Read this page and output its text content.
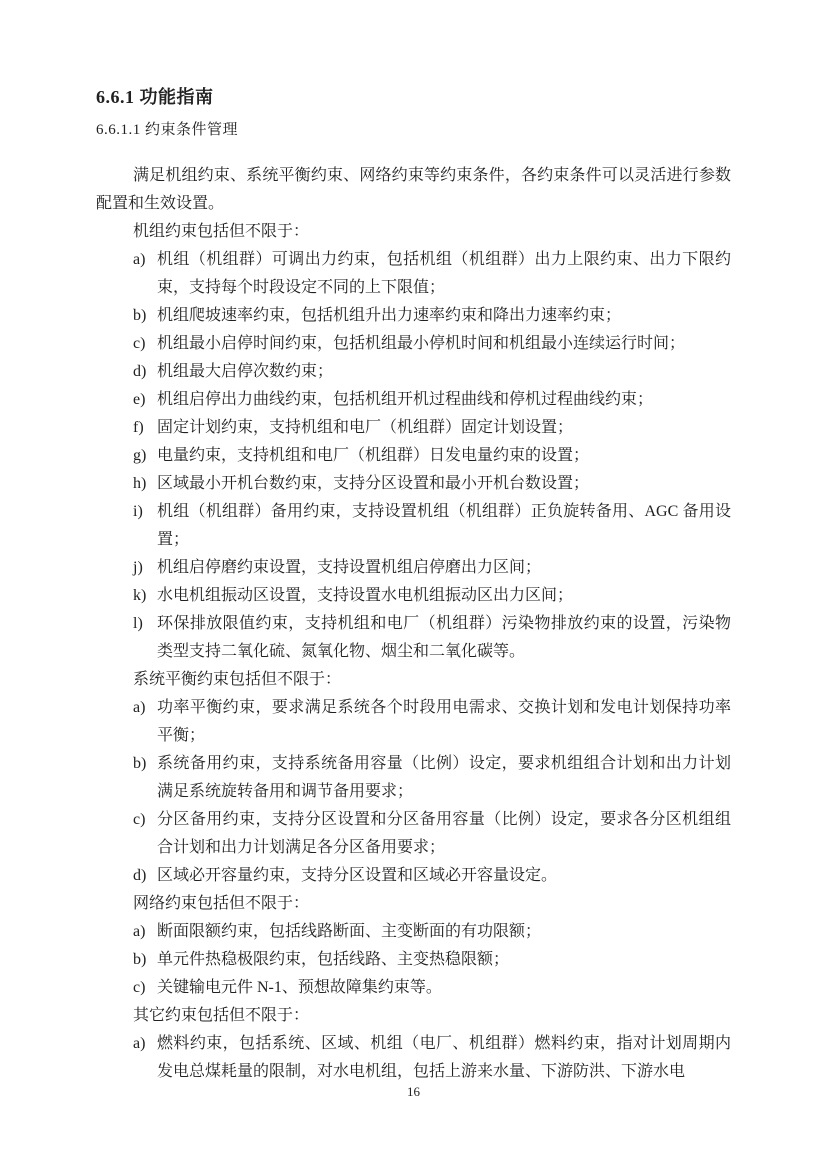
6.6.1 功能指南

6.6.1.1 约束条件管理

满足机组约束、系统平衡约束、网络约束等约束条件，各约束条件可以灵活进行参数配置和生效设置。

机组约束包括但不限于：

a) 机组（机组群）可调出力约束，包括机组（机组群）出力上限约束、出力下限约束，支持每个时段设定不同的上下限值；
b) 机组爬坡速率约束，包括机组升出力速率约束和降出力速率约束；
c) 机组最小启停时间约束，包括机组最小停机时间和机组最小连续运行时间；
d) 机组最大启停次数约束；
e) 机组启停出力曲线约束，包括机组开机过程曲线和停机过程曲线约束；
f) 固定计划约束，支持机组和电厂（机组群）固定计划设置；
g) 电量约束，支持机组和电厂（机组群）日发电量约束的设置；
h) 区域最小开机台数约束，支持分区设置和最小开机台数设置；
i) 机组（机组群）备用约束，支持设置机组（机组群）正负旋转备用、AGC 备用设置；
j) 机组启停磨约束设置，支持设置机组启停磨出力区间；
k) 水电机组振动区设置，支持设置水电机组振动区出力区间；
l) 环保排放限值约束，支持机组和电厂（机组群）污染物排放约束的设置，污染物类型支持二氧化硫、氮氧化物、烟尘和二氧化碳等。

系统平衡约束包括但不限于：

a) 功率平衡约束，要求满足系统各个时段用电需求、交换计划和发电计划保持功率平衡；
b) 系统备用约束，支持系统备用容量（比例）设定，要求机组组合计划和出力计划满足系统旋转备用和调节备用要求；
c) 分区备用约束，支持分区设置和分区备用容量（比例）设定，要求各分区机组组合计划和出力计划满足各分区备用要求；
d) 区域必开容量约束，支持分区设置和区域必开容量设定。

网络约束包括但不限于：

a) 断面限额约束，包括线路断面、主变断面的有功限额；
b) 单元件热稳极限约束，包括线路、主变热稳限额；
c) 关键输电元件 N-1、预想故障集约束等。

其它约束包括但不限于：

a) 燃料约束，包括系统、区域、机组（电厂、机组群）燃料约束，指对计划周期内发电总煤耗量的限制，对水电机组，包括上游来水量、下游防洪、下游水电
16
